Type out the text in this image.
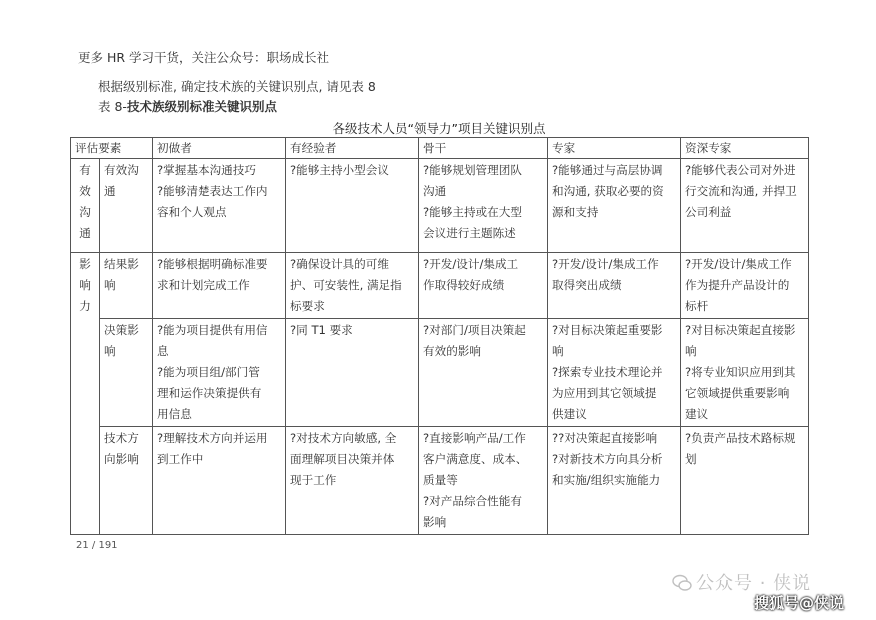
更多 HR 学习干货，关注公众号：职场成长社
根据级别标准, 确定技术族的关键识别点, 请见表 8
表 8-技术族级别标准关键识别点
各级技术人员“领导力”项目关键识别点
评估要素		初做者	有经验者	骨干	专家	资深专家

有
效
沟
通	有效沟
通	?掌握基本沟通技巧
?能够清楚表达工作内
容和个人观点	?能够主持小型会议	?能够规划管理团队
沟通
?能够主持或在大型
会议进行主题陈述	?能够通过与高层协调
和沟通, 获取必要的资
源和支持	?能够代表公司对外进
行交流和沟通, 并捍卫
公司利益

影
响
力	结果影
响	?能够根据明确标准要
求和计划完成工作	?确保设计具的可维
护、可安装性, 满足指
标要求	?开发/设计/集成工
作取得较好成绩	?开发/设计/集成工作
取得突出成绩	?开发/设计/集成工作
作为提升产品设计的
标杆

	决策影
响	?能为项目提供有用信
息
?能为项目组/部门管
理和运作决策提供有
用信息	?同 T1 要求	?对部门/项目决策起
有效的影响	?对目标决策起重要影
响
?探索专业技术理论并
为应用到其它领域提
供建议	?对目标决策起直接影
响
?将专业知识应用到其
它领域提供重要影响
建议

	技术方
向影响	?理解技术方向并运用
到工作中	?对技术方向敏感, 全
面理解项目决策并体
现于工作	?直接影响产品/工作
客户满意度、成本、
质量等
?对产品综合性能有
影响	??对决策起直接影响
?对新技术方向具分析
和实施/组织实施能力	?负责产品技术路标规
划
21 / 191
公众号 · 侠说
搜狐号@侠说
